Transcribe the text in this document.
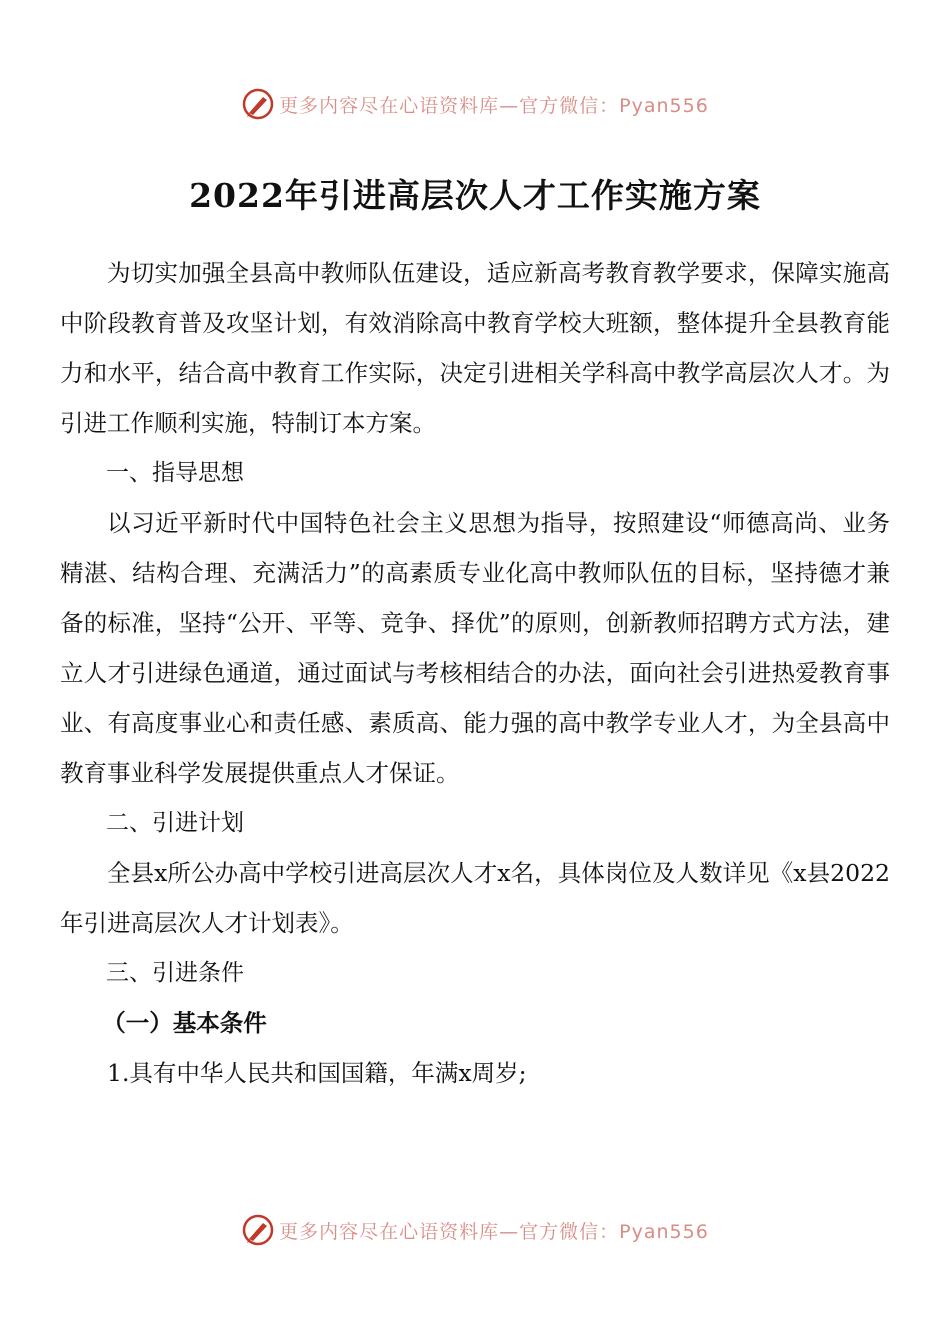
更多内容尽在心语资料库—官方微信：Pyan556
2022年引进高层次人才工作实施方案

为切实加强全县高中教师队伍建设，适应新高考教育教学要求，保障实施高中阶段教育普及攻坚计划，有效消除高中教育学校大班额，整体提升全县教育能力和水平，结合高中教育工作实际，决定引进相关学科高中教学高层次人才。为引进工作顺利实施，特制订本方案。

一、指导思想

以习近平新时代中国特色社会主义思想为指导，按照建设“师德高尚、业务精湛、结构合理、充满活力”的高素质专业化高中教师队伍的目标，坚持德才兼备的标准，坚持“公开、平等、竞争、择优”的原则，创新教师招聘方式方法，建立人才引进绿色通道，通过面试与考核相结合的办法，面向社会引进热爱教育事业、有高度事业心和责任感、素质高、能力强的高中教学专业人才，为全县高中教育事业科学发展提供重点人才保证。

二、引进计划

全县x所公办高中学校引进高层次人才x名，具体岗位及人数详见《x县2022年引进高层次人才计划表》。

三、引进条件

（一）基本条件

1.具有中华人民共和国国籍，年满x周岁;

更多内容尽在心语资料库—官方微信：Pyan556
